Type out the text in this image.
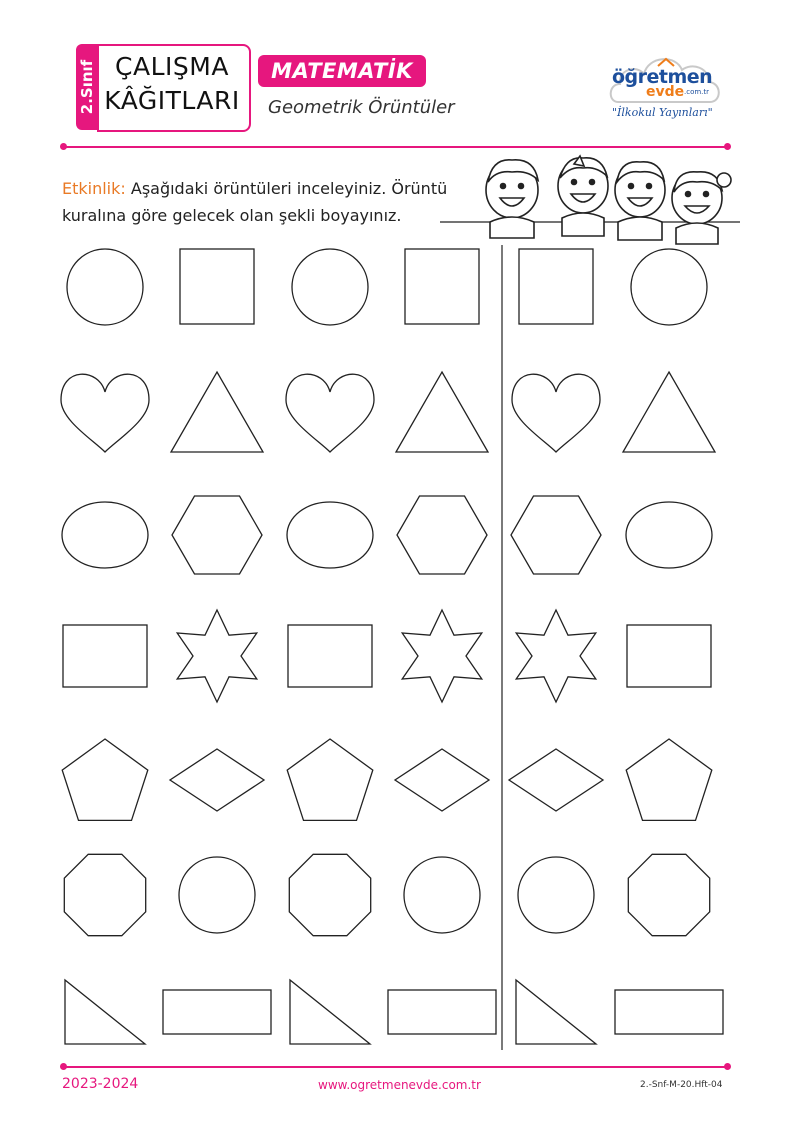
2.Sınıf ÇALIŞMA
KÂĞITLARI
MATEMATİK
Geometrik Örüntüler
öğretmen
evde .com.tr
"İlkokul Yayınları"
Etkinlik: Aşağıdaki örüntüleri inceleyiniz. Örüntü
kuralına göre gelecek olan şekli boyayınız.
2023-2024	www.ogretmenevde.com.tr	2.-Snf-M-20.Hft-04
